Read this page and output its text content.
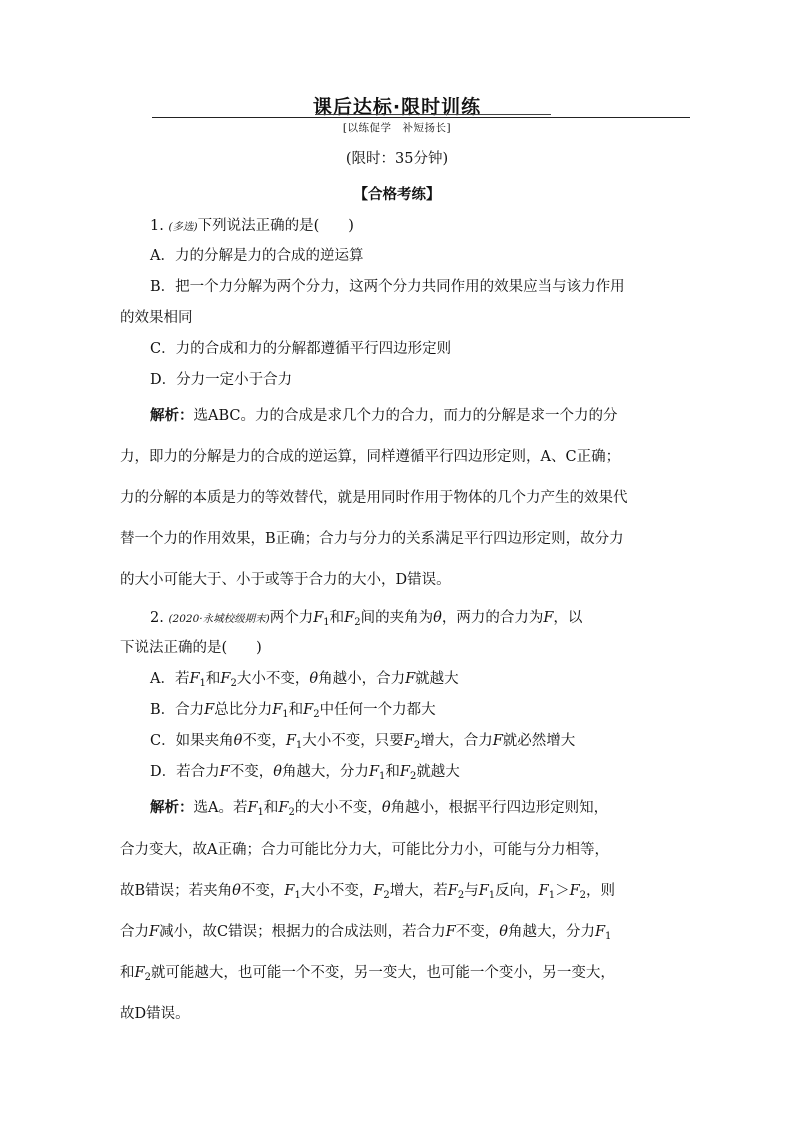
课后达标·限时训练
[以练促学　补短扬长]
(限时：35分钟)
【合格考练】
1. (多选)下列说法正确的是(　　)
A．力的分解是力的合成的逆运算
B．把一个力分解为两个分力，这两个分力共同作用的效果应当与该力作用
的效果相同
C．力的合成和力的分解都遵循平行四边形定则
D．分力一定小于合力
解析：选ABC。力的合成是求几个力的合力，而力的分解是求一个力的分
力，即力的分解是力的合成的逆运算，同样遵循平行四边形定则，A、C正确；
力的分解的本质是力的等效替代，就是用同时作用于物体的几个力产生的效果代
替一个力的作用效果，B正确；合力与分力的关系满足平行四边形定则，故分力
的大小可能大于、小于或等于合力的大小，D错误。
2. (2020·永城校级期末)两个力$F_1$和$F_2$间的夹角为θ，两力的合力为F，以
下说法正确的是(　　)
A．若$F_1$和$F_2$大小不变，θ角越小，合力F就越大
B．合力F总比分力$F_1$和$F_2$中任何一个力都大
C．如果夹角θ不变，$F_1$大小不变，只要$F_2$增大，合力F就必然增大
D．若合力F不变，θ角越大，分力$F_1$和$F_2$就越大
解析：选A。若$F_1$和$F_2$的大小不变，θ角越小，根据平行四边形定则知，
合力变大，故A正确；合力可能比分力大，可能比分力小，可能与分力相等，
故B错误；若夹角θ不变，$F_1$大小不变，$F_2$增大，若$F_2$与$F_1$反向，$F_1>F_2$，则
合力F减小，故C错误；根据力的合成法则，若合力F不变，θ角越大，分力$F_1$
和$F_2$就可能越大，也可能一个不变，另一变大，也可能一个变小，另一变大，
故D错误。
